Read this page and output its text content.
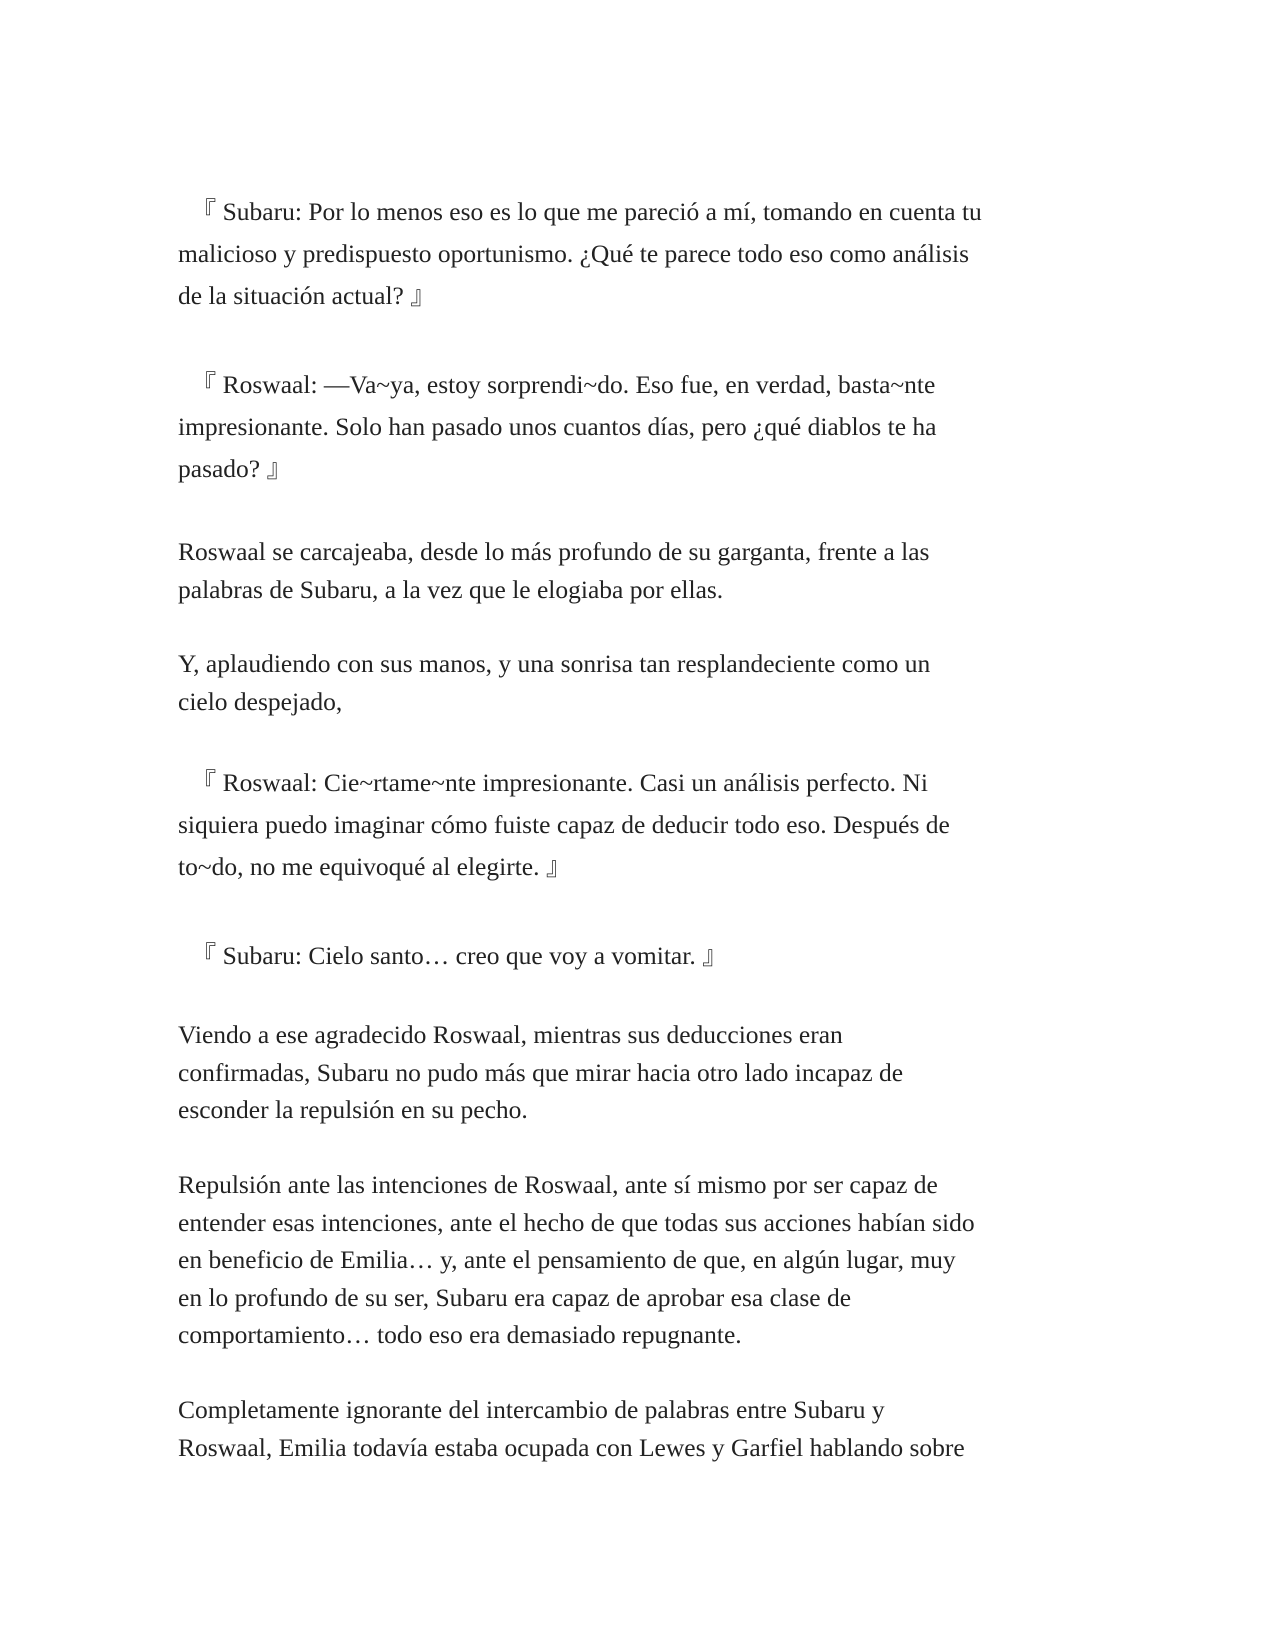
　『 Subaru: Por lo menos eso es lo que me pareció a mí, tomando en cuenta tu
malicioso y predispuesto oportunismo. ¿Qué te parece todo eso como análisis
de la situación actual? 』
　『 Roswaal: —Va~ya, estoy sorprendi~do. Eso fue, en verdad, basta~nte
impresionante. Solo han pasado unos cuantos días, pero ¿qué diablos te ha
pasado? 』
Roswaal se carcajeaba, desde lo más profundo de su garganta, frente a las
palabras de Subaru, a la vez que le elogiaba por ellas.
Y, aplaudiendo con sus manos, y una sonrisa tan resplandeciente como un
cielo despejado,
　『 Roswaal: Cie~rtame~nte impresionante. Casi un análisis perfecto. Ni
siquiera puedo imaginar cómo fuiste capaz de deducir todo eso. Después de
to~do, no me equivoqué al elegirte. 』
　『 Subaru: Cielo santo… creo que voy a vomitar. 』
Viendo a ese agradecido Roswaal, mientras sus deducciones eran
confirmadas, Subaru no pudo más que mirar hacia otro lado incapaz de
esconder la repulsión en su pecho.
Repulsión ante las intenciones de Roswaal, ante sí mismo por ser capaz de
entender esas intenciones, ante el hecho de que todas sus acciones habían sido
en beneficio de Emilia… y, ante el pensamiento de que, en algún lugar, muy
en lo profundo de su ser, Subaru era capaz de aprobar esa clase de
comportamiento… todo eso era demasiado repugnante.
Completamente ignorante del intercambio de palabras entre Subaru y
Roswaal, Emilia todavía estaba ocupada con Lewes y Garfiel hablando sobre
